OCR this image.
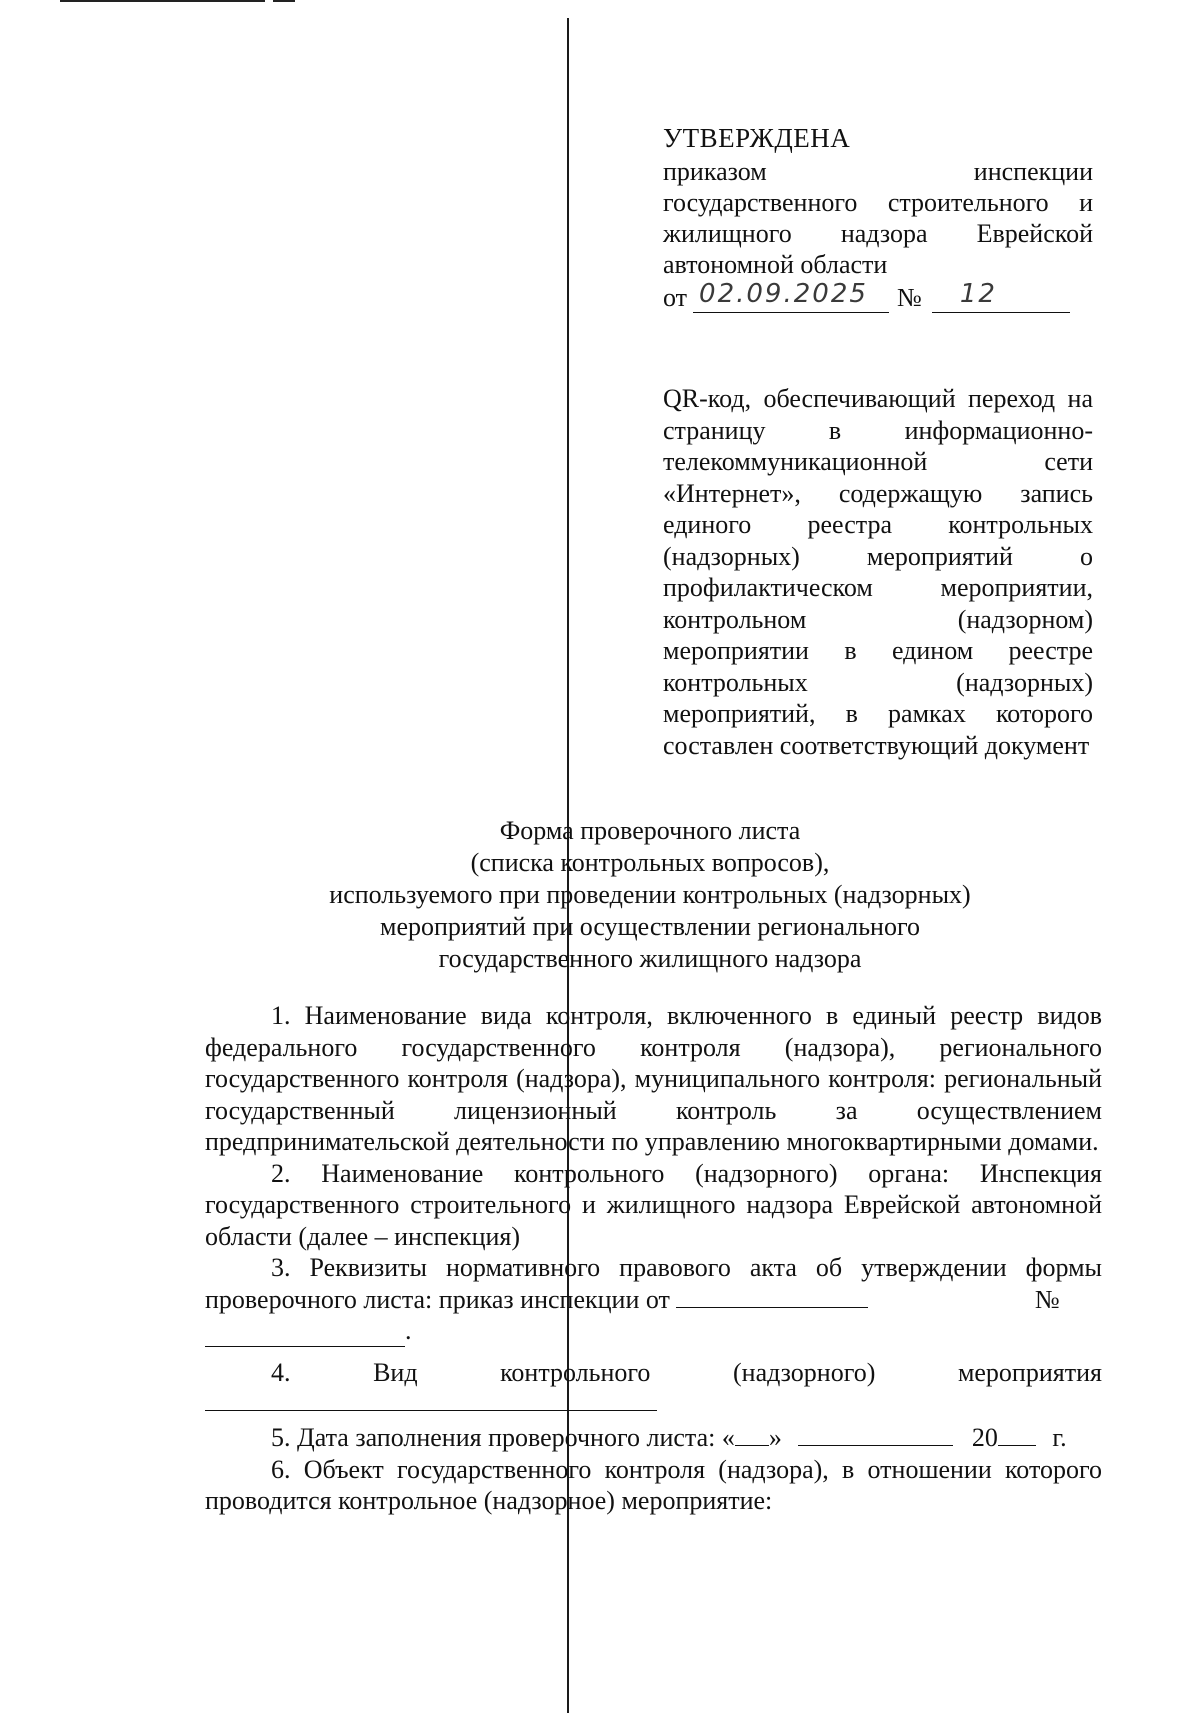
УТВЕРЖДЕНА
приказом	инспекции
государственного строительного и жилищного надзора Еврейской автономной области
от 02.09.2025 № 12
QR-код, обеспечивающий переход на страницу в информационно-телекоммуникационной сети «Интернет», содержащую запись единого реестра контрольных (надзорных) мероприятий о профилактическом мероприятии, контрольном (надзорном) мероприятии в едином реестре контрольных (надзорных) мероприятий, в рамках которого составлен соответствующий документ
Форма проверочного листа
(списка контрольных вопросов),
используемого при проведении контрольных (надзорных)
мероприятий при осуществлении регионального
государственного жилищного надзора

1. Наименование вида контроля, включенного в единый реестр видов федерального государственного контроля (надзора), регионального государственного контроля (надзора), муниципального контроля: региональный государственный лицензионный контроль за осуществлением предпринимательской деятельности по управлению многоквартирными домами.

2. Наименование контрольного (надзорного) органа: Инспекция государственного строительного и жилищного надзора Еврейской автономной области (далее – инспекция)

3. Реквизиты нормативного правового акта об утверждении формы проверочного листа: приказ инспекции от	№

.
4.	Вид	контрольного	(надзорного)	мероприятия

5. Дата заполнения проверочного листа: « »	20 г.

6. Объект государственного контроля (надзора), в отношении которого проводится контрольное (надзорное) мероприятие:
